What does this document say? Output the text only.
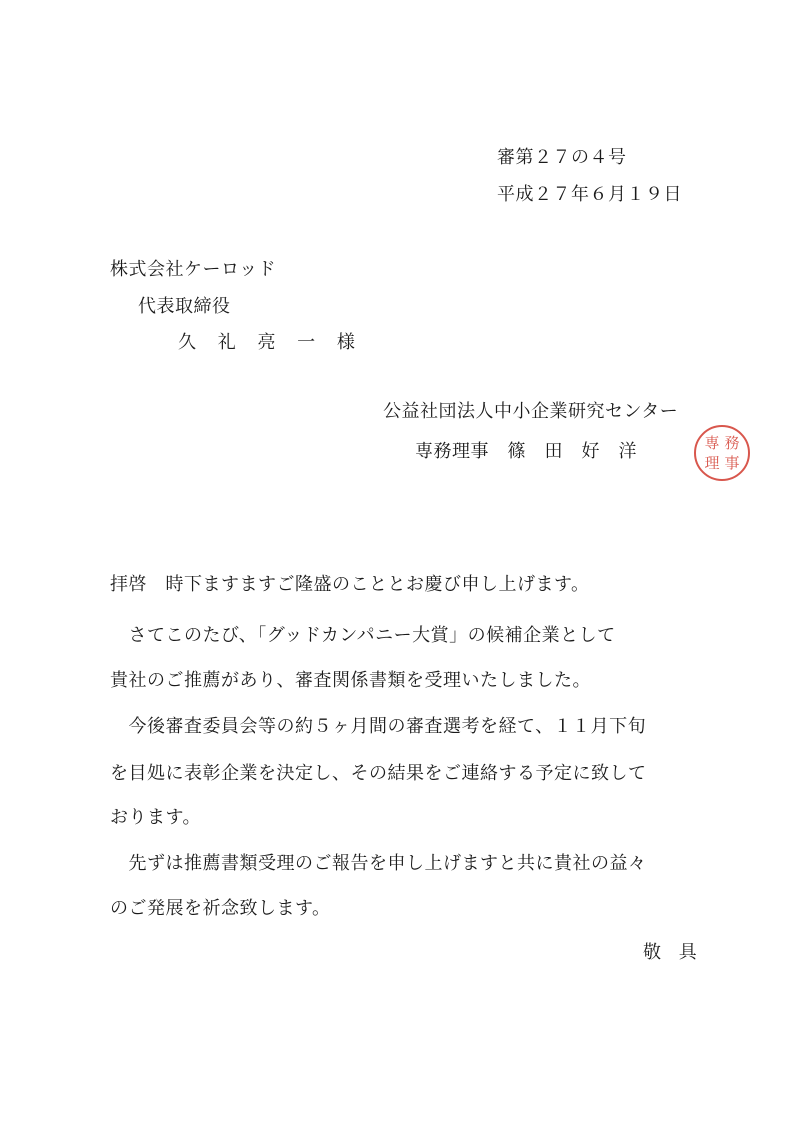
審第２７の４号
平成２７年６月１９日
株式会社ケーロッド
代表取締役
久 礼 亮 一 様
公益社団法人中小企業研究センター
専務理事　篠　田　好　洋	専 務
理 事
拝啓　時下ますますご隆盛のこととお慶び申し上げます。
　さてこのたび、「グッドカンパニー大賞」の候補企業として
貴社のご推薦があり、審査関係書類を受理いたしました。
　今後審査委員会等の約５ヶ月間の審査選考を経て、１１月下旬
を目処に表彰企業を決定し、その結果をご連絡する予定に致して
おります。
　先ずは推薦書類受理のご報告を申し上げますと共に貴社の益々
のご発展を祈念致します。
敬 具
